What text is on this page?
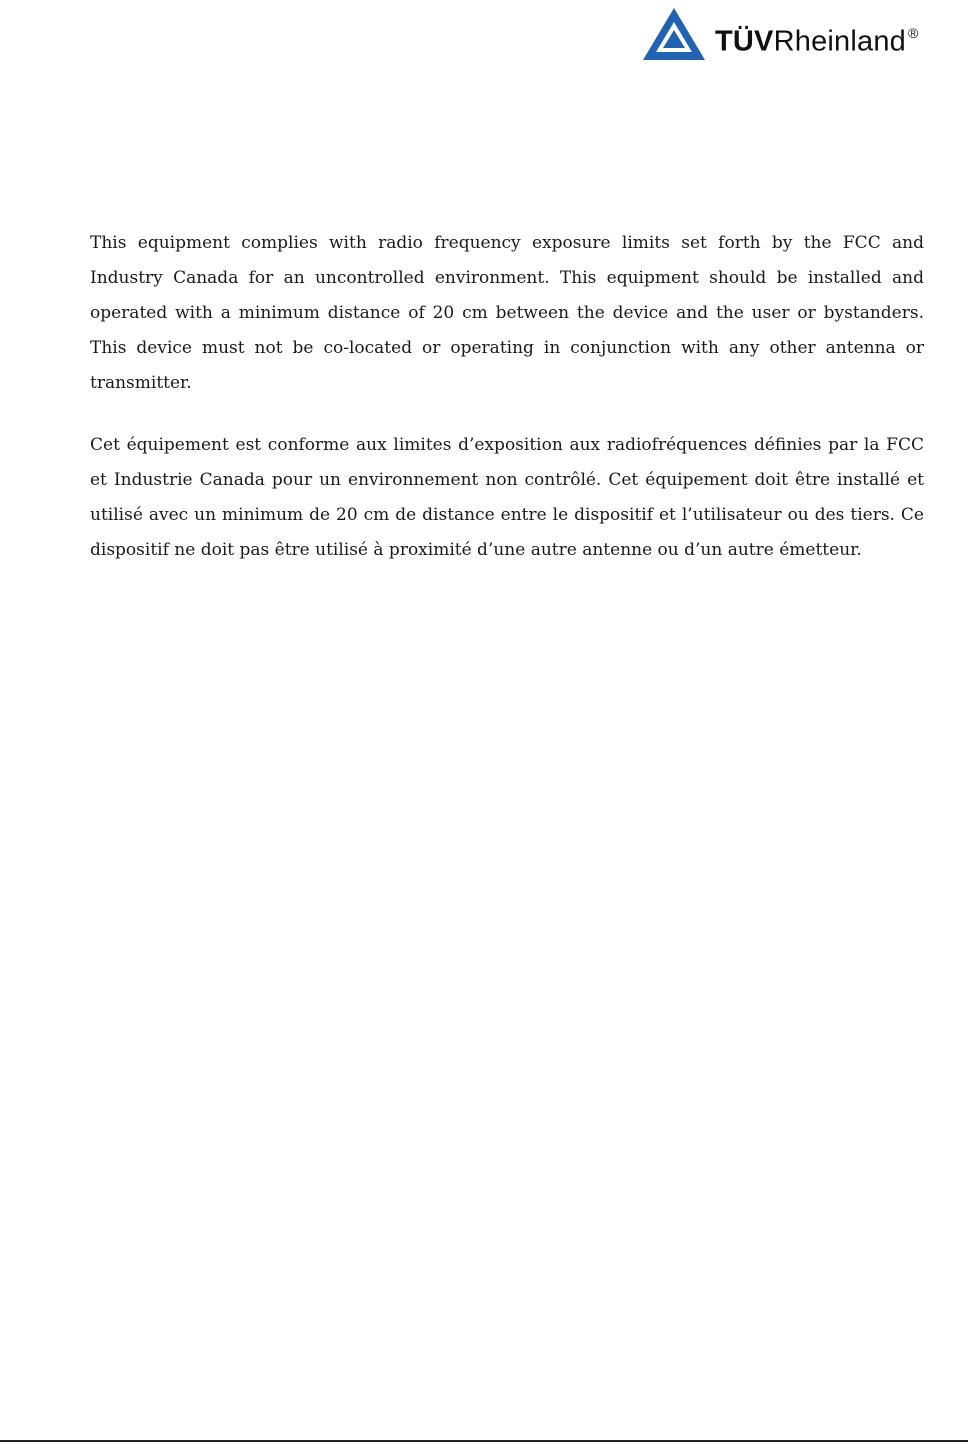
TÜVRheinland ®

This equipment complies with radio frequency exposure limits set forth by the FCC and Industry Canada for an uncontrolled environment. This equipment should be installed and operated with a minimum distance of 20 cm between the device and the user or bystanders. This device must not be co-located or operating in conjunction with any other antenna or transmitter.

Cet équipement est conforme aux limites d’exposition aux radiofréquences définies par la FCC et Industrie Canada pour un environnement non contrôlé. Cet équipement doit être installé et utilisé avec un minimum de 20 cm de distance entre le dispositif et l’utilisateur ou des tiers. Ce dispositif ne doit pas être utilisé à proximité d’une autre antenne ou d’un autre émetteur.
